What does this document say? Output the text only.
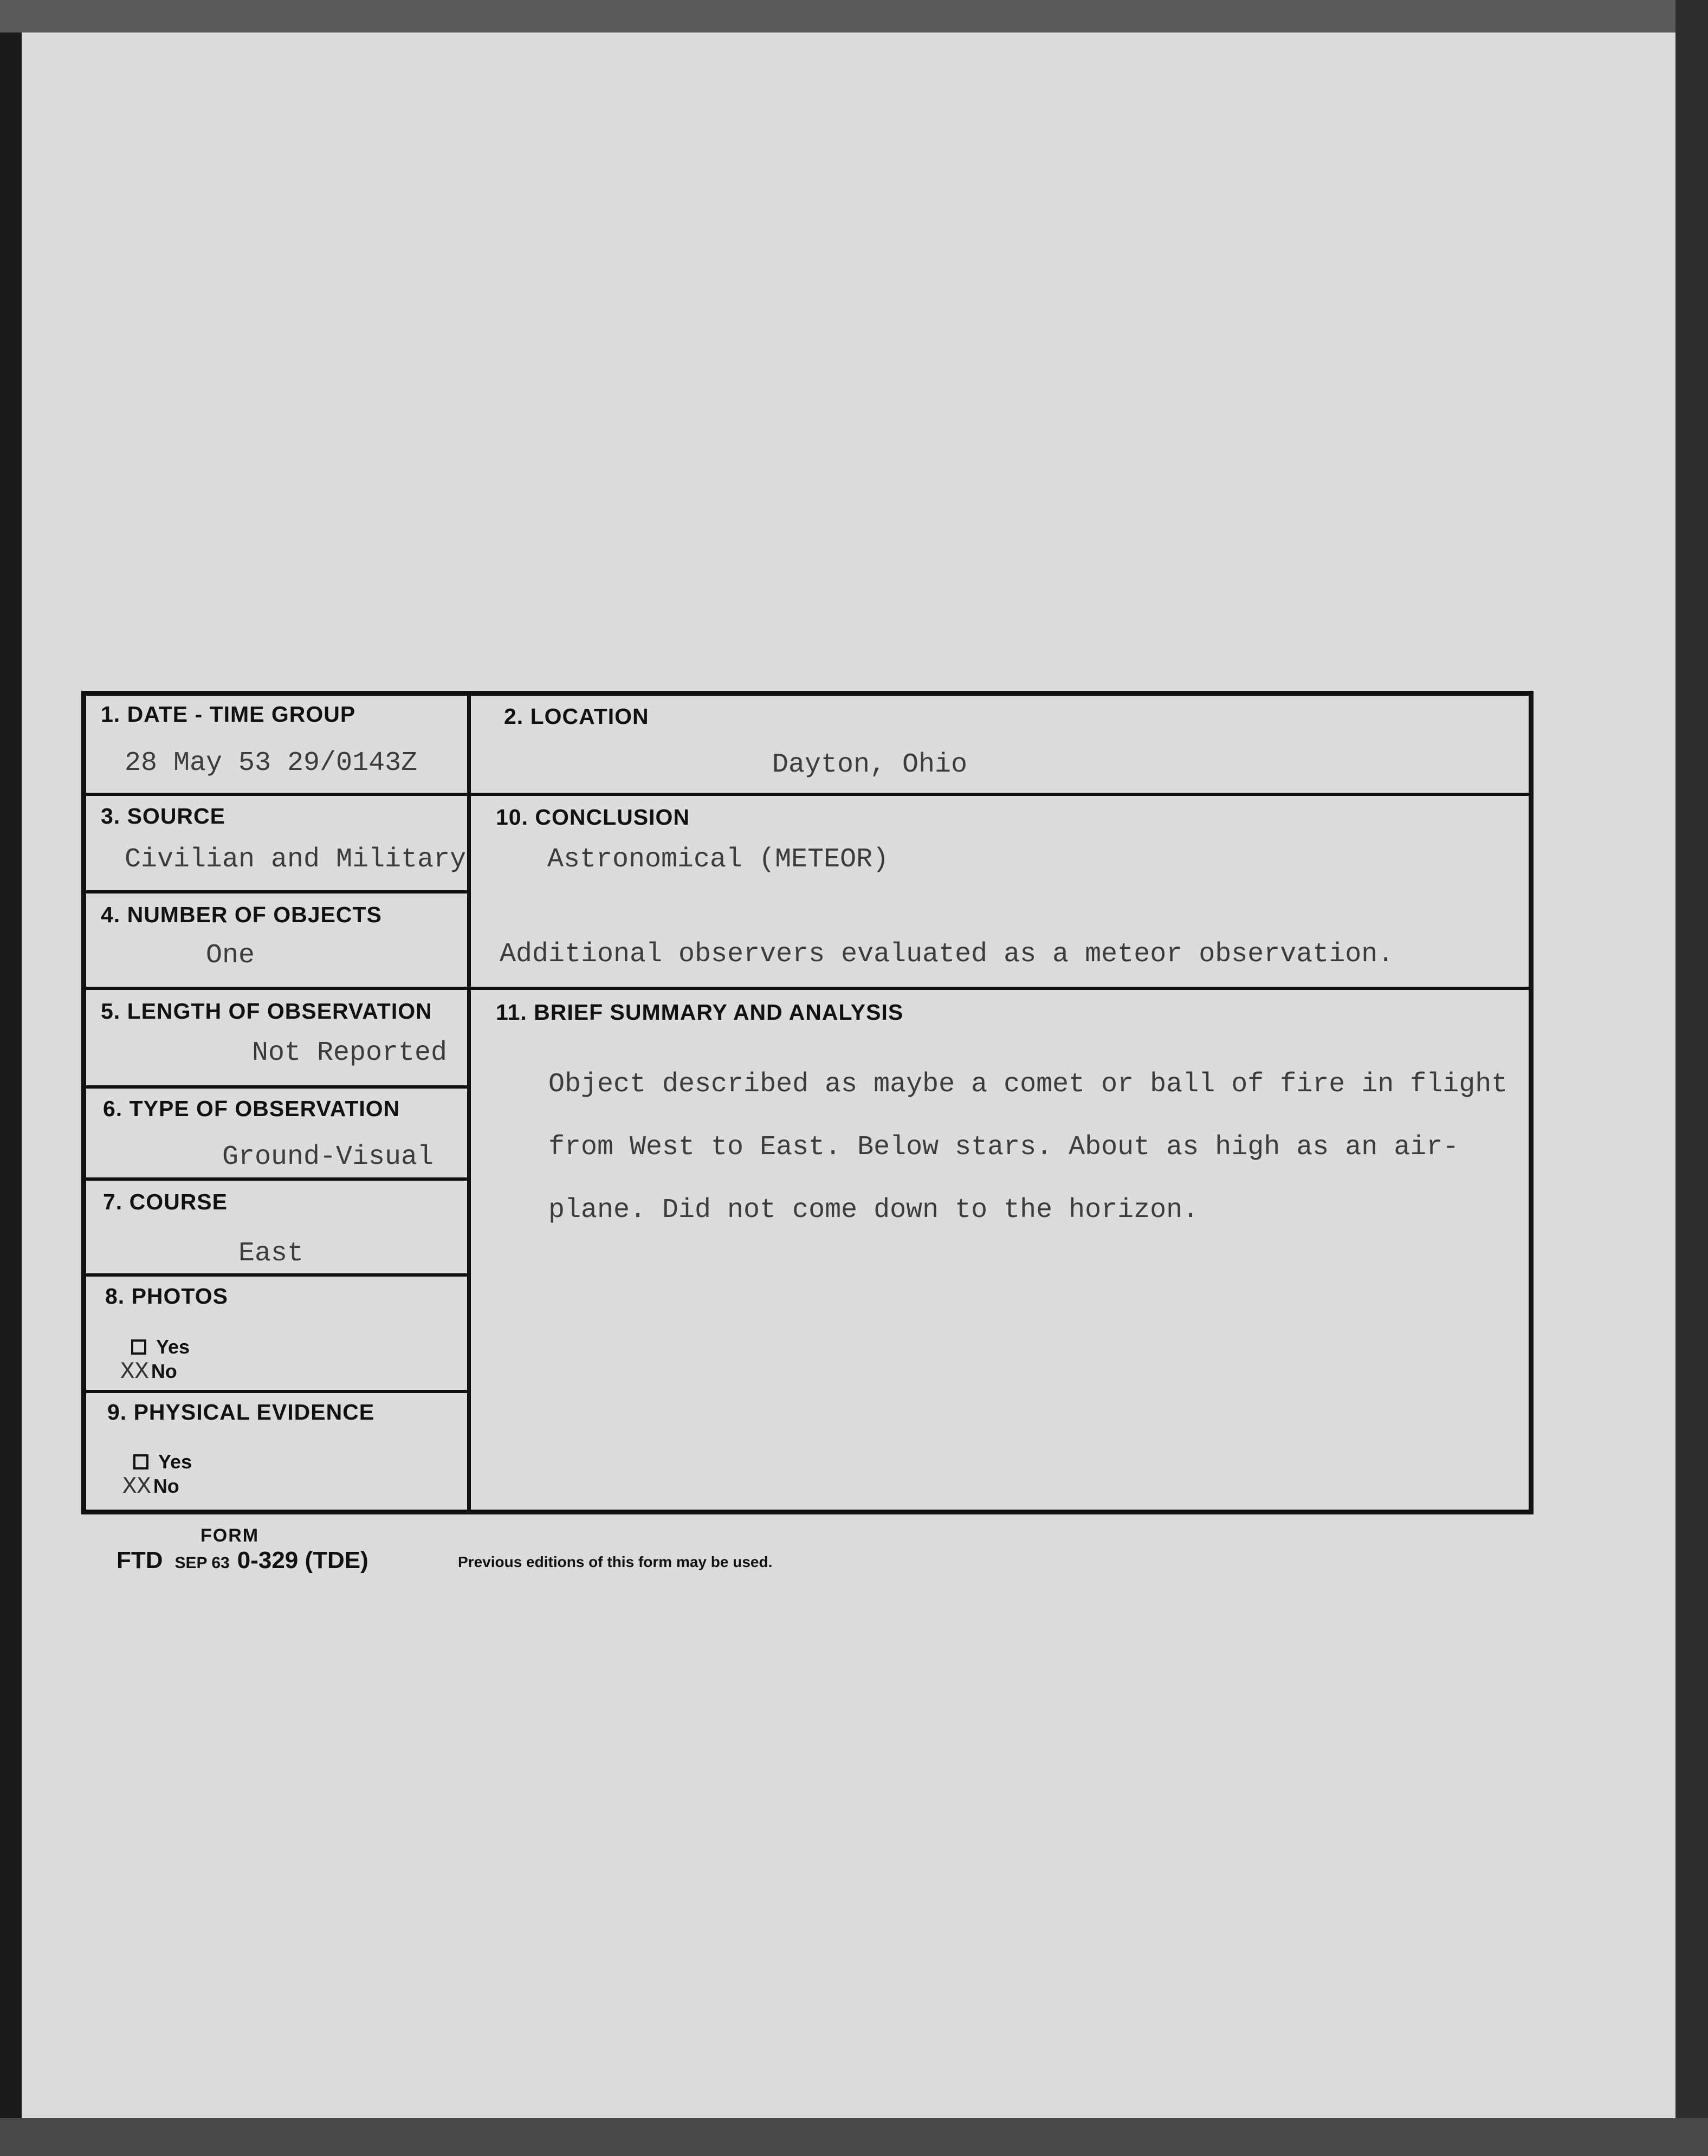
1. DATE - TIME GROUP
28 May 53 29/0143Z
2. LOCATION
Dayton, Ohio
3. SOURCE
Civilian and Military
10. CONCLUSION
Astronomical (METEOR)
Additional observers evaluated as a meteor observation.
4. NUMBER OF OBJECTS
One
5. LENGTH OF OBSERVATION
Not Reported
11. BRIEF SUMMARY AND ANALYSIS

Object described as maybe a comet or ball of fire in flight

from West to East. Below stars. About as high as an air-

plane. Did not come down to the horizon.

6. TYPE OF OBSERVATION
Ground-Visual
7. COURSE
East
8. PHOTOS
Yes
XX No
9. PHYSICAL EVIDENCE
Yes
XX No
FORM
FTD SEP 63 0-329 (TDE)	Previous editions of this form may be used.
